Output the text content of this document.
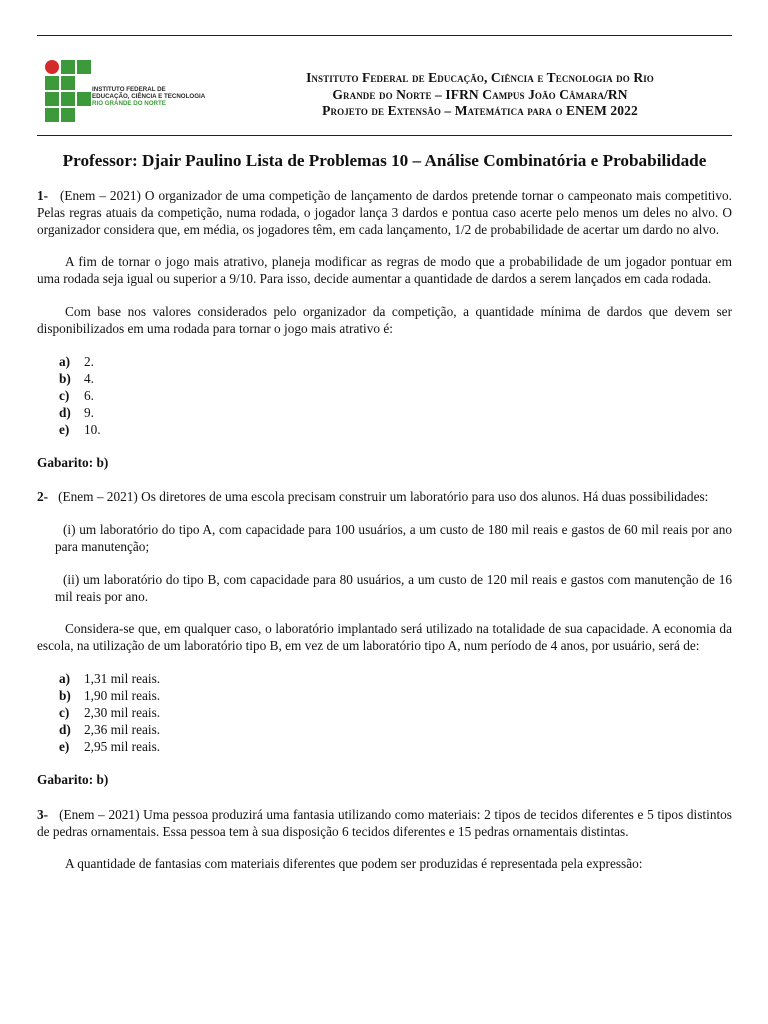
INSTITUTO FEDERAL DE
EDUCAÇÃO, CIÊNCIA E TECNOLOGIA
RIO GRANDE DO NORTE
Instituto Federal de Educação, Ciência e Tecnologia do Rio
Grande do Norte – IFRN Campus João Câmara/RN
Projeto de Extensão – Matemática para o ENEM 2022
Professor: Djair Paulino Lista de Problemas 10 – Análise Combinatória e Probabilidade

1- (Enem – 2021) O organizador de uma competição de lançamento de dardos pretende tornar o campeonato mais competitivo. Pelas regras atuais da competição, numa rodada, o jogador lança 3 dardos e pontua caso acerte pelo menos um deles no alvo. O organizador considera que, em média, os jogadores têm, em cada lançamento, 1/2 de probabilidade de acertar um dardo no alvo.

A fim de tornar o jogo mais atrativo, planeja modificar as regras de modo que a probabilidade de um jogador pontuar em uma rodada seja igual ou superior a 9/10. Para isso, decide aumentar a quantidade de dardos a serem lançados em cada rodada.

Com base nos valores considerados pelo organizador da competição, a quantidade mínima de dardos que devem ser disponibilizados em uma rodada para tornar o jogo mais atrativo é:

a) 2.
b) 4.
c) 6.
d) 9.
e) 10.

Gabarito: b)

2- (Enem – 2021) Os diretores de uma escola precisam construir um laboratório para uso dos alunos. Há duas possibilidades:

(i) um laboratório do tipo A, com capacidade para 100 usuários, a um custo de 180 mil reais e gastos de 60 mil reais por ano para manutenção;

(ii) um laboratório do tipo B, com capacidade para 80 usuários, a um custo de 120 mil reais e gastos com manutenção de 16 mil reais por ano.

Considera-se que, em qualquer caso, o laboratório implantado será utilizado na totalidade de sua capacidade. A economia da escola, na utilização de um laboratório tipo B, em vez de um laboratório tipo A, num período de 4 anos, por usuário, será de:

a) 1,31 mil reais.
b) 1,90 mil reais.
c) 2,30 mil reais.
d) 2,36 mil reais.
e) 2,95 mil reais.

Gabarito: b)

3- (Enem – 2021) Uma pessoa produzirá uma fantasia utilizando como materiais: 2 tipos de tecidos diferentes e 5 tipos distintos de pedras ornamentais. Essa pessoa tem à sua disposição 6 tecidos diferentes e 15 pedras ornamentais distintas.

A quantidade de fantasias com materiais diferentes que podem ser produzidas é representada pela expressão:
